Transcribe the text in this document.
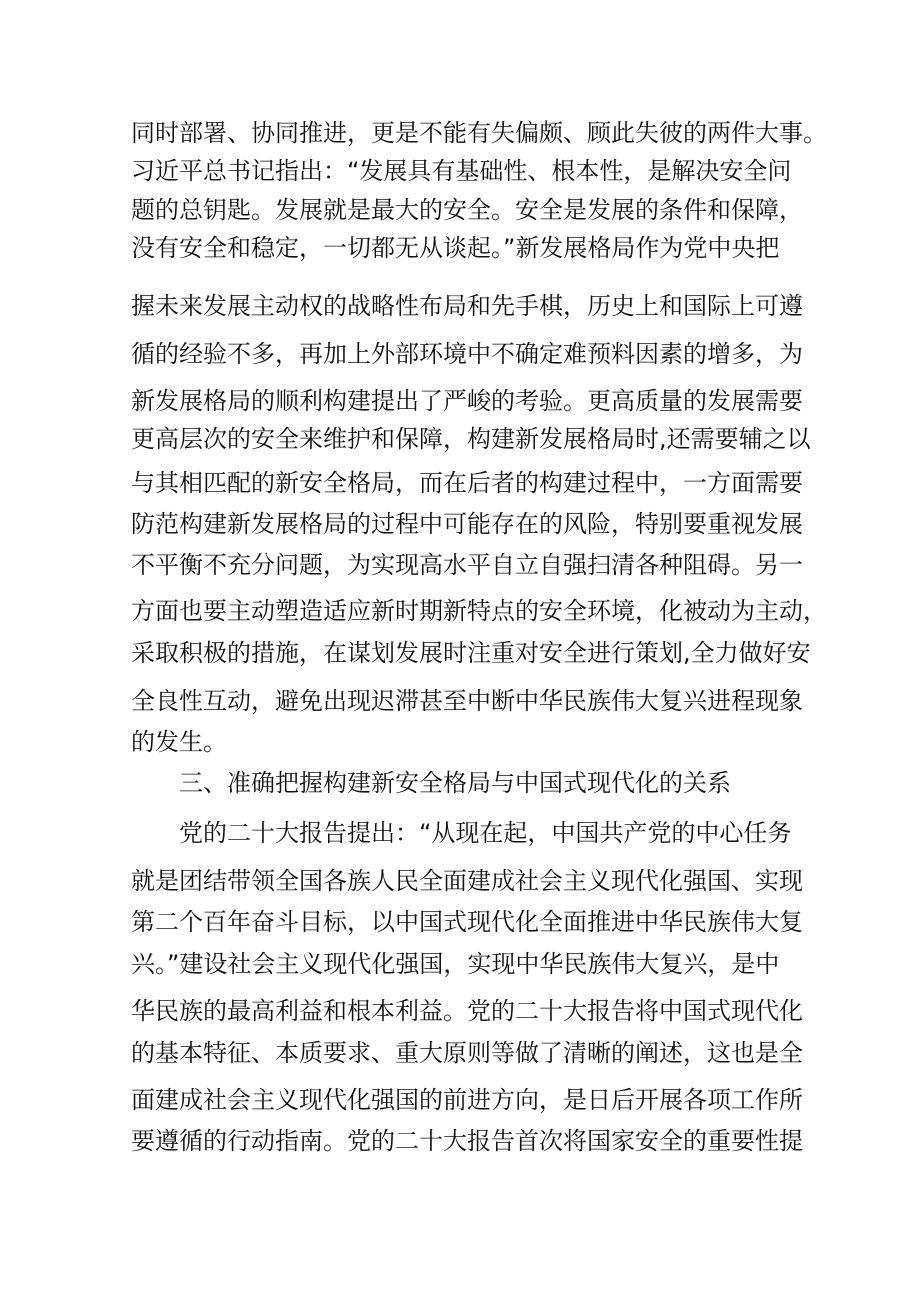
同时部署、协同推进，更是不能有失偏颇、顾此失彼的两件大事。
习近平总书记指出：“发展具有基础性、根本性，是解决安全问
题的总钥匙。发展就是最大的安全。安全是发展的条件和保障，
没有安全和稳定，一切都无从谈起。”新发展格局作为党中央把
握未来发展主动权的战略性布局和先手棋，历史上和国际上可遵
循的经验不多，再加上外部环境中不确定难预料因素的增多，为
新发展格局的顺利构建提出了严峻的考验。更高质量的发展需要
更高层次的安全来维护和保障，构建新发展格局时,还需要辅之以
与其相匹配的新安全格局，而在后者的构建过程中，一方面需要
防范构建新发展格局的过程中可能存在的风险，特别要重视发展
不平衡不充分问题，为实现高水平自立自强扫清各种阻碍。另一
方面也要主动塑造适应新时期新特点的安全环境，化被动为主动，
采取积极的措施，在谋划发展时注重对安全进行策划,全力做好安
全良性互动，避免出现迟滞甚至中断中华民族伟大复兴进程现象
的发生。
三、准确把握构建新安全格局与中国式现代化的关系
党的二十大报告提出：“从现在起，中国共产党的中心任务
就是团结带领全国各族人民全面建成社会主义现代化强国、实现
第二个百年奋斗目标，以中国式现代化全面推进中华民族伟大复
兴。”建设社会主义现代化强国，实现中华民族伟大复兴，是中
华民族的最高利益和根本利益。党的二十大报告将中国式现代化
的基本特征、本质要求、重大原则等做了清晰的阐述，这也是全
面建成社会主义现代化强国的前进方向，是日后开展各项工作所
要遵循的行动指南。党的二十大报告首次将国家安全的重要性提
